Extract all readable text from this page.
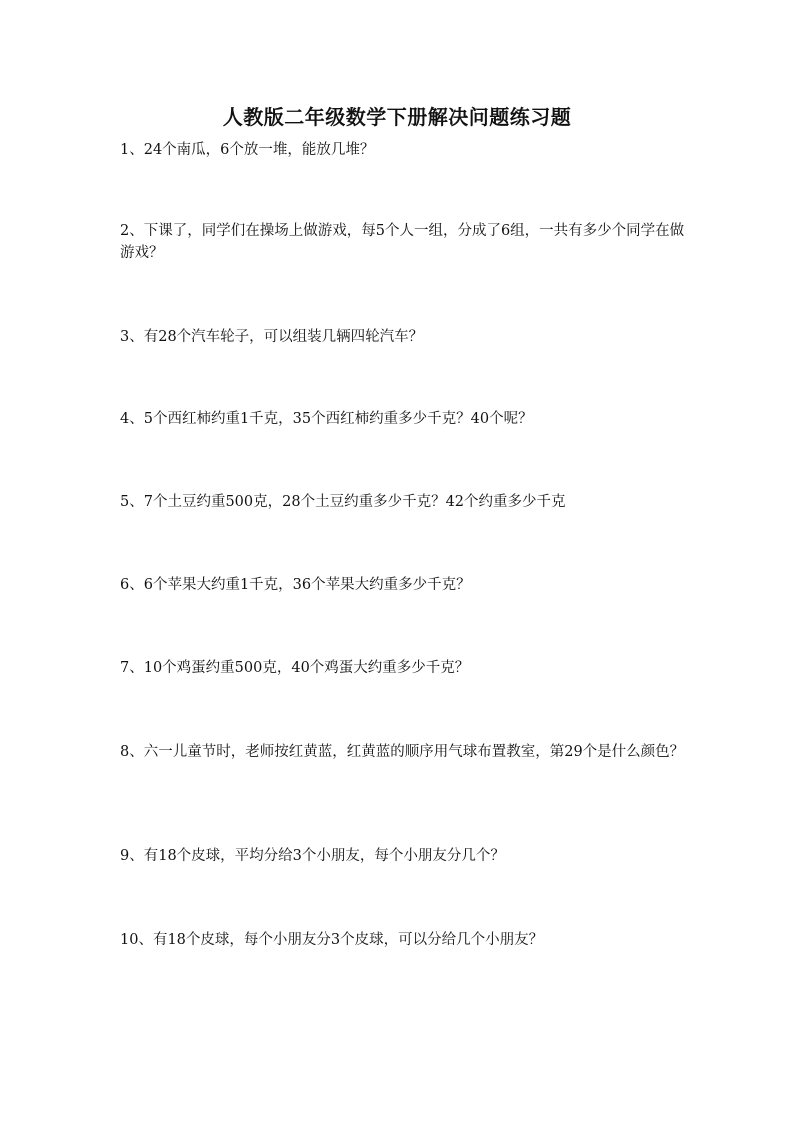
人教版二年级数学下册解决问题练习题
1、24个南瓜，6个放一堆，能放几堆？
2、下课了，同学们在操场上做游戏，每5个人一组，分成了6组，一共有多少个同学在做游戏？
3、有28个汽车轮子，可以组装几辆四轮汽车？
4、5个西红柿约重1千克，35个西红柿约重多少千克？40个呢？
5、7个土豆约重500克，28个土豆约重多少千克？42个约重多少千克
6、6个苹果大约重1千克，36个苹果大约重多少千克？
7、10个鸡蛋约重500克，40个鸡蛋大约重多少千克？
8、六一儿童节时，老师按红黄蓝，红黄蓝的顺序用气球布置教室，第29个是什么颜色？
9、有18个皮球，平均分给3个小朋友，每个小朋友分几个？
10、有18个皮球，每个小朋友分3个皮球，可以分给几个小朋友？
